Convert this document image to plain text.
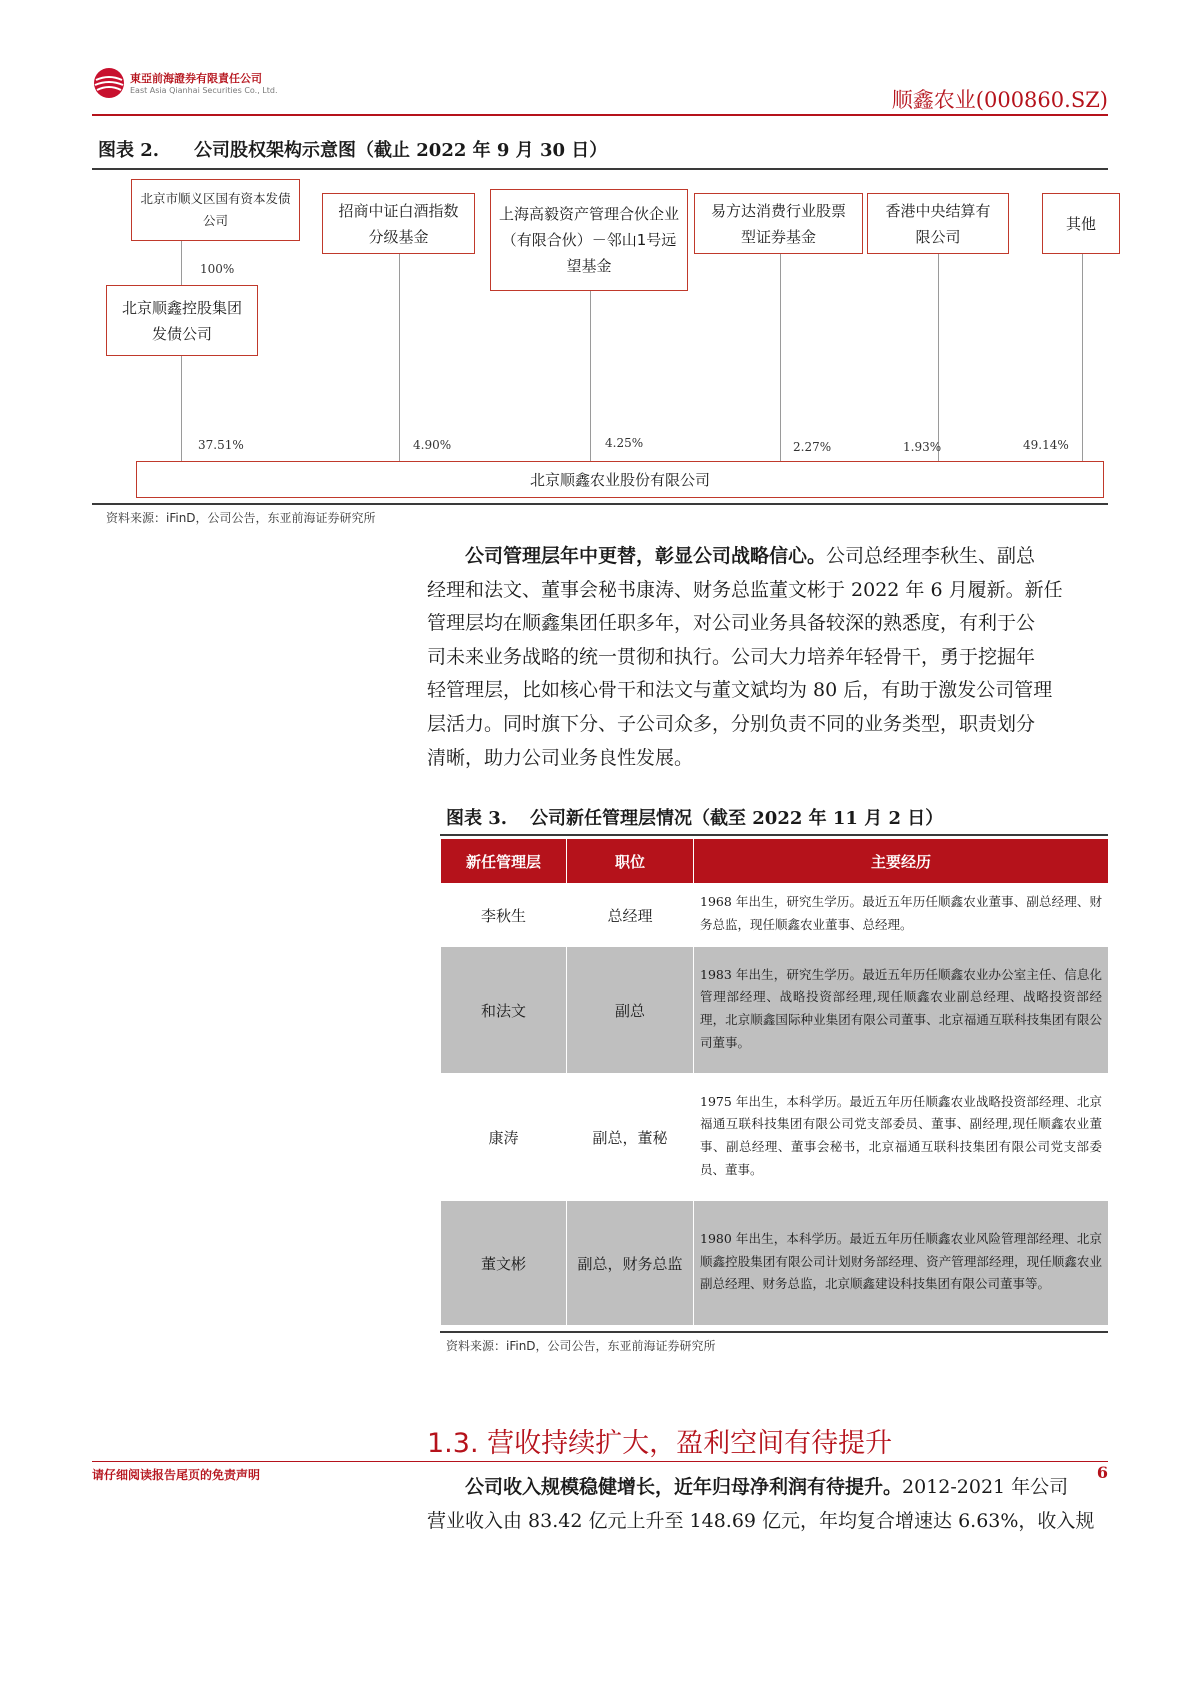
東亞前海證券有限責任公司
East Asia Qianhai Securities Co., Ltd.	顺鑫农业(000860.SZ)
图表 2. 公司股权架构示意图（截止 2022 年 9 月 30 日）
北京市顺义区国有资本发债公司
北京顺鑫控股集团发债公司
招商中证白酒指数分级基金
上海高毅资产管理合伙企业（有限合伙）－邻山1号远望基金
易方达消费行业股票型证券基金
香港中央结算有限公司
其他
100%
37.51%	4.90%	4.25%	2.27%	1.93%	49.14%
北京顺鑫农业股份有限公司
资料来源：iFinD，公司公告，东亚前海证券研究所
公司管理层年中更替，彰显公司战略信心。公司总经理李秋生、副总
经理和法文、董事会秘书康涛、财务总监董文彬于 2022 年 6 月履新。新任
管理层均在顺鑫集团任职多年，对公司业务具备较深的熟悉度，有利于公
司未来业务战略的统一贯彻和执行。公司大力培养年轻骨干，勇于挖掘年
轻管理层，比如核心骨干和法文与董文斌均为 80 后，有助于激发公司管理
层活力。同时旗下分、子公司众多，分别负责不同的业务类型，职责划分
清晰，助力公司业务良性发展。
图表 3. 公司新任管理层情况（截至 2022 年 11 月 2 日）
新任管理层	职位	主要经历
李秋生	总经理	1968 年出生，研究生学历。最近五年历任顺鑫农业董事、副总经理、财务总监，现任顺鑫农业董事、总经理。
和法文	副总	1983 年出生，研究生学历。最近五年历任顺鑫农业办公室主任、信息化管理部经理、战略投资部经理,现任顺鑫农业副总经理、战略投资部经理，北京顺鑫国际种业集团有限公司董事、北京福通互联科技集团有限公司董事。
康涛	副总，董秘	1975 年出生，本科学历。最近五年历任顺鑫农业战略投资部经理、北京福通互联科技集团有限公司党支部委员、董事、副经理,现任顺鑫农业董事、副总经理、董事会秘书，北京福通互联科技集团有限公司党支部委员、董事。
董文彬	副总，财务总监	1980 年出生，本科学历。最近五年历任顺鑫农业风险管理部经理、北京顺鑫控股集团有限公司计划财务部经理、资产管理部经理，现任顺鑫农业副总经理、财务总监，北京顺鑫建设科技集团有限公司董事等。
资料来源：iFinD，公司公告，东亚前海证券研究所
1.3. 营收持续扩大，盈利空间有待提升
公司收入规模稳健增长，近年归母净利润有待提升。2012-2021 年公司
营业收入由 83.42 亿元上升至 148.69 亿元，年均复合增速达 6.63%，收入规
请仔细阅读报告尾页的免责声明	6
